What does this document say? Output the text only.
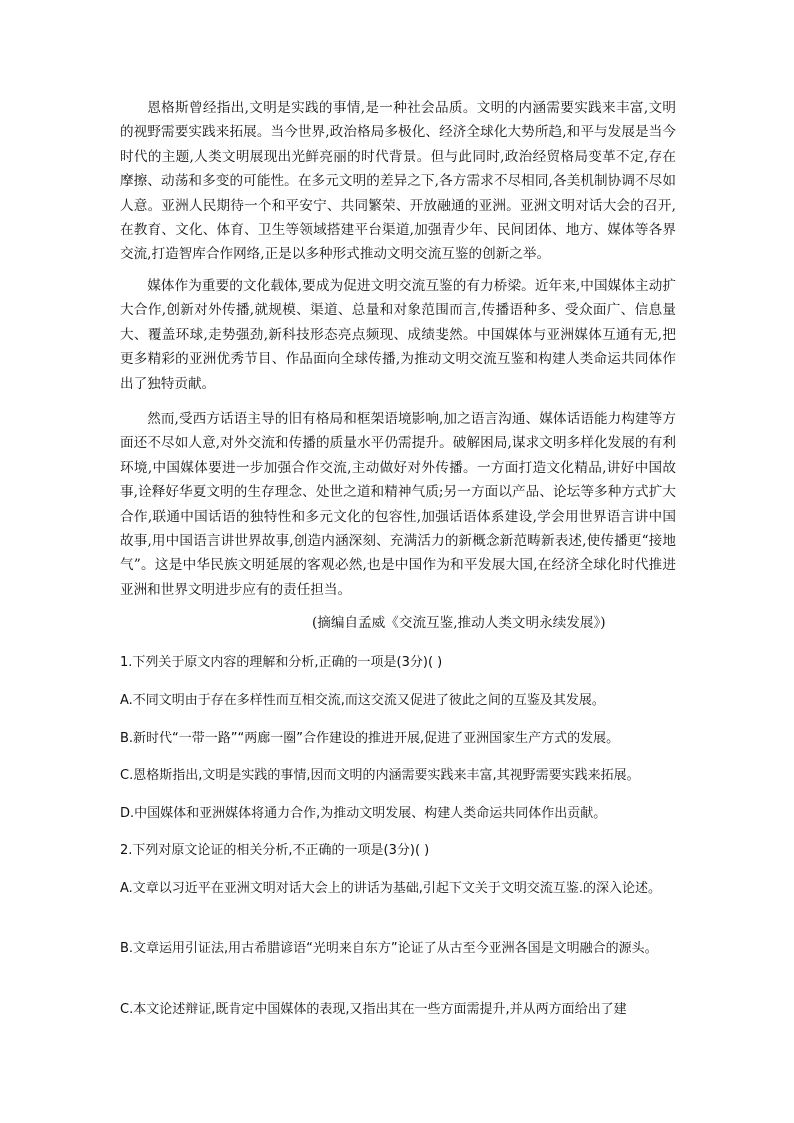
恩格斯曾经指出,文明是实践的事情,是一种社会品质。文明的内涵需要实践来丰富,文明的视野需要实践来拓展。当今世界,政治格局多极化、经济全球化大势所趋,和平与发展是当今时代的主题,人类文明展现出光鲜亮丽的时代背景。但与此同时,政治经贸格局变革不定,存在摩擦、动荡和多变的可能性。在多元文明的差异之下,各方需求不尽相同,各美机制协调不尽如人意。亚洲人民期待一个和平安宁、共同繁荣、开放融通的亚洲。亚洲文明对话大会的召开,在教育、文化、体育、卫生等领域搭建平台渠道,加强青少年、民间团体、地方、媒体等各界交流,打造智库合作网络,正是以多种形式推动文明交流互鉴的创新之举。

媒体作为重要的文化载体,要成为促进文明交流互鉴的有力桥梁。近年来,中国媒体主动扩大合作,创新对外传播,就规模、渠道、总量和对象范围而言,传播语种多、受众面广、信息量大、覆盖环球,走势强劲,新科技形态亮点频现、成绩斐然。中国媒体与亚洲媒体互通有无,把更多精彩的亚洲优秀节目、作品面向全球传播,为推动文明交流互鉴和构建人类命运共同体作出了独特贡献。

然而,受西方话语主导的旧有格局和框架语境影响,加之语言沟通、媒体话语能力构建等方面还不尽如人意,对外交流和传播的质量水平仍需提升。破解困局,谋求文明多样化发展的有利环境,中国媒体要进一步加强合作交流,主动做好对外传播。一方面打造文化精品,讲好中国故事,诠释好华夏文明的生存理念、处世之道和精神气质;另一方面以产品、论坛等多种方式扩大合作,联通中国话语的独特性和多元文化的包容性,加强话语体系建设,学会用世界语言讲中国故事,用中国语言讲世界故事,创造内涵深刻、充满活力的新概念新范畴新表述,使传播更“接地气”。这是中华民族文明延展的客观必然,也是中国作为和平发展大国,在经济全球化时代推进亚洲和世界文明进步应有的责任担当。

(摘编自孟威《交流互鉴,推动人类文明永续发展》)

1.下列关于原文内容的理解和分析,正确的一项是(3分)( )

A.不同文明由于存在多样性而互相交流,而这交流又促进了彼此之间的互鉴及其发展。

B.新时代“一带一路”“两廊一圈”合作建设的推进开展,促进了亚洲国家生产方式的发展。

C.恩格斯指出,文明是实践的事情,因而文明的内涵需要实践来丰富,其视野需要实践来拓展。

D.中国媒体和亚洲媒体将通力合作,为推动文明发展、构建人类命运共同体作出贡献。

2.下列对原文论证的相关分析,不正确的一项是(3分)( )

A.文章以习近平在亚洲文明对话大会上的讲话为基础,引起下文关于文明交流互鉴.的深入论述。

B.文章运用引证法,用古希腊谚语“光明来自东方”论证了从古至今亚洲各国是文明融合的源头。

C.本文论述辩证,既肯定中国媒体的表现,又指出其在一些方面需提升,并从两方面给出了建
